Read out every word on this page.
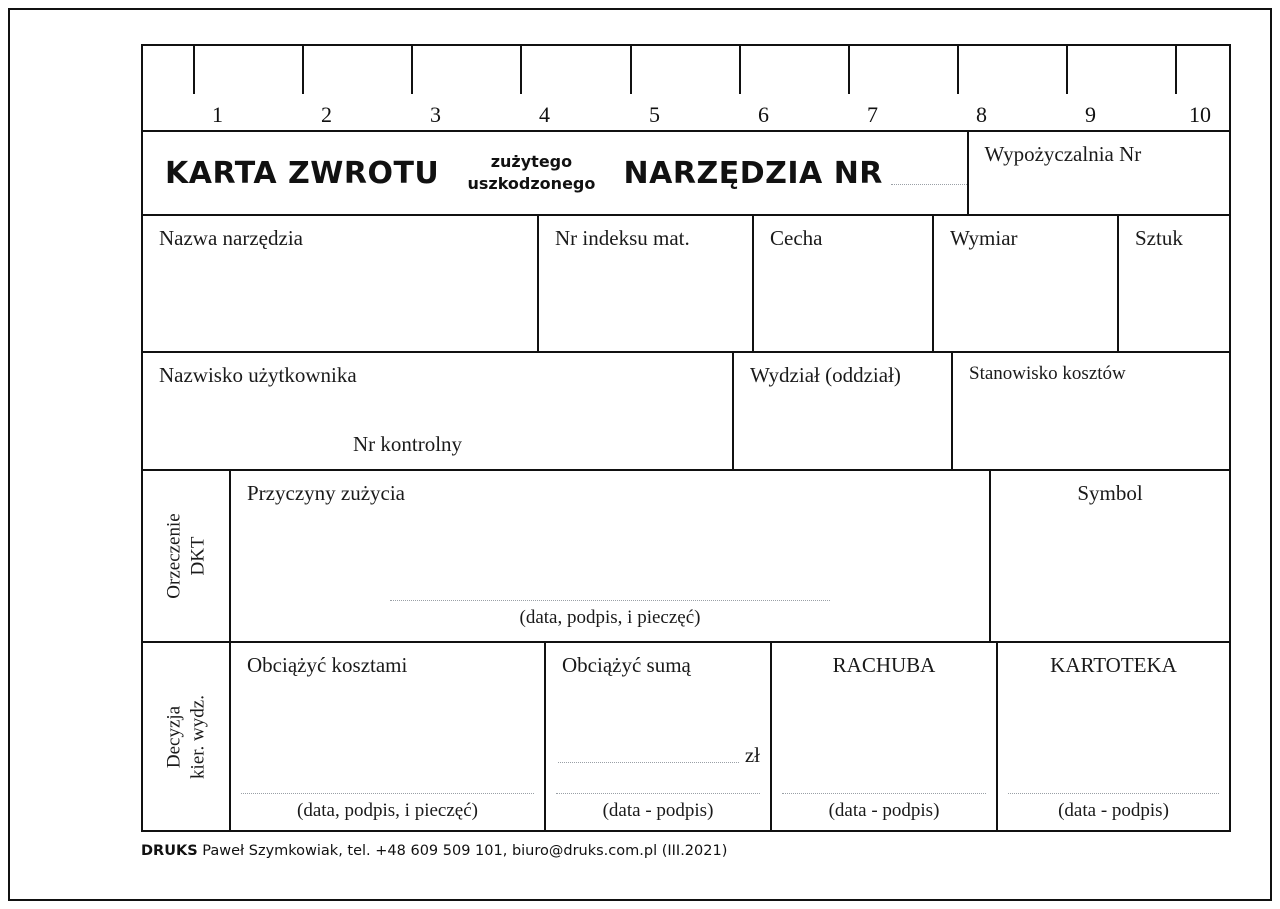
1	2	3	4	5	6	7	8	9	10
KARTA ZWROTU	zużytego uszkodzonego NARZĘDZIA NR
Wypożyczalnia Nr
Nazwa narzędzia	Nr indeksu mat.	Cecha	Wymiar	Sztuk
Nazwisko użytkownika
Nr kontrolny
Wydział (oddział)	Stanowisko kosztów
Orzeczenie DKT
Przyczyny zużycia
(data, podpis, i pieczęć)
Symbol
Decyzja kier. wydz.
Obciążyć kosztami
(data, podpis, i pieczęć)
Obciążyć sumą
zł
(data - podpis)
RACHUBA
(data - podpis)
KARTOTEKA
(data - podpis)
DRUKS Paweł Szymkowiak, tel. +48 609 509 101, biuro@druks.com.pl (III.2021)
